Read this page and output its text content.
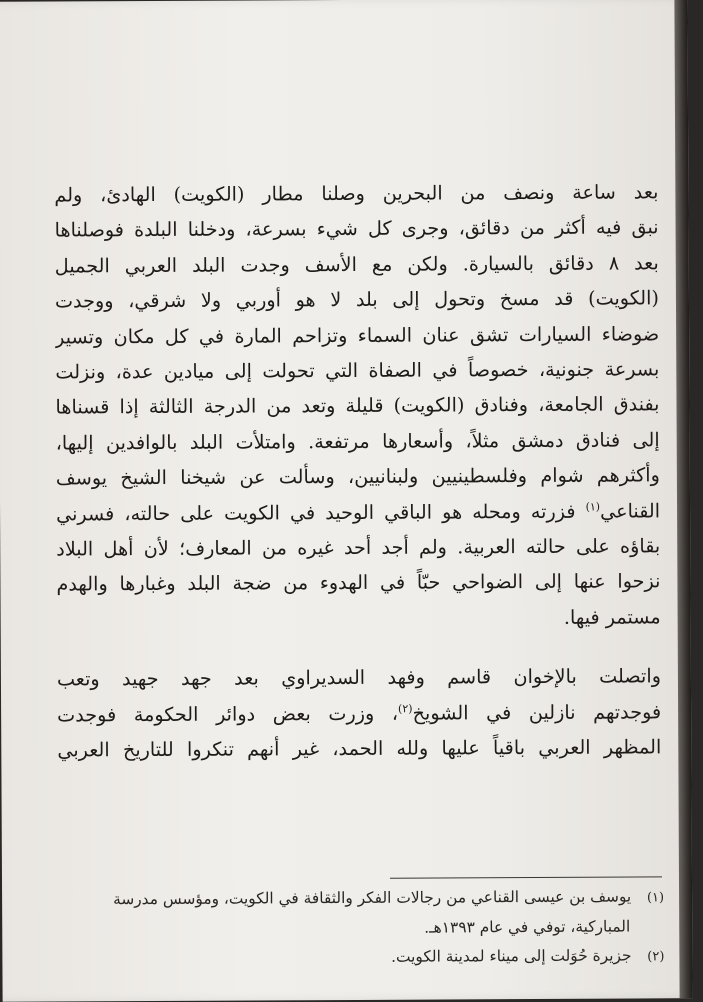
بعد ساعة ونصف من البحرين وصلنا مطار (الكويت) الهادئ، ولم
نبق فيه أكثر من دقائق، وجرى كل شيء بسرعة، ودخلنا البلدة فوصلناها
بعد ٨ دقائق بالسيارة. ولكن مع الأسف وجدت البلد العربي الجميل
(الكويت) قد مسخ وتحول إلى بلد لا هو أوربي ولا شرقي، ووجدت
ضوضاء السيارات تشق عنان السماء وتزاحم المارة في كل مكان وتسير
بسرعة جنونية، خصوصاً في الصفاة التي تحولت إلى ميادين عدة، ونزلت
بفندق الجامعة، وفنادق (الكويت) قليلة وتعد من الدرجة الثالثة إذا قسناها
إلى فنادق دمشق مثلاً، وأسعارها مرتفعة. وامتلأت البلد بالوافدين إليها،
وأكثرهم شوام وفلسطينيين ولبنانيين، وسألت عن شيخنا الشيخ يوسف
القناعي$^{(١)}$ فزرته ومحله هو الباقي الوحيد في الكويت على حالته، فسرني
بقاؤه على حالته العربية. ولم أجد أحد غيره من المعارف؛ لأن أهل البلاد
نزحوا عنها إلى الضواحي حبّاً في الهدوء من ضجة البلد وغبارها والهدم
مستمر فيها.
واتصلت بالإخوان قاسم وفهد السديراوي بعد جهد جهيد وتعب
فوجدتهم نازلين في الشويخ$^{(٢)}$، وزرت بعض دوائر الحكومة فوجدت
المظهر العربي باقياً عليها ولله الحمد، غير أنهم تنكروا للتاريخ العربي
(١) يوسف بن عيسى القناعي من رجالات الفكر والثقافة في الكويت، ومؤسس مدرسة
المباركية، توفي في عام ١٣٩٣هـ.
(٢) جزيرة حُوَلت إلى ميناء لمدينة الكويت.
